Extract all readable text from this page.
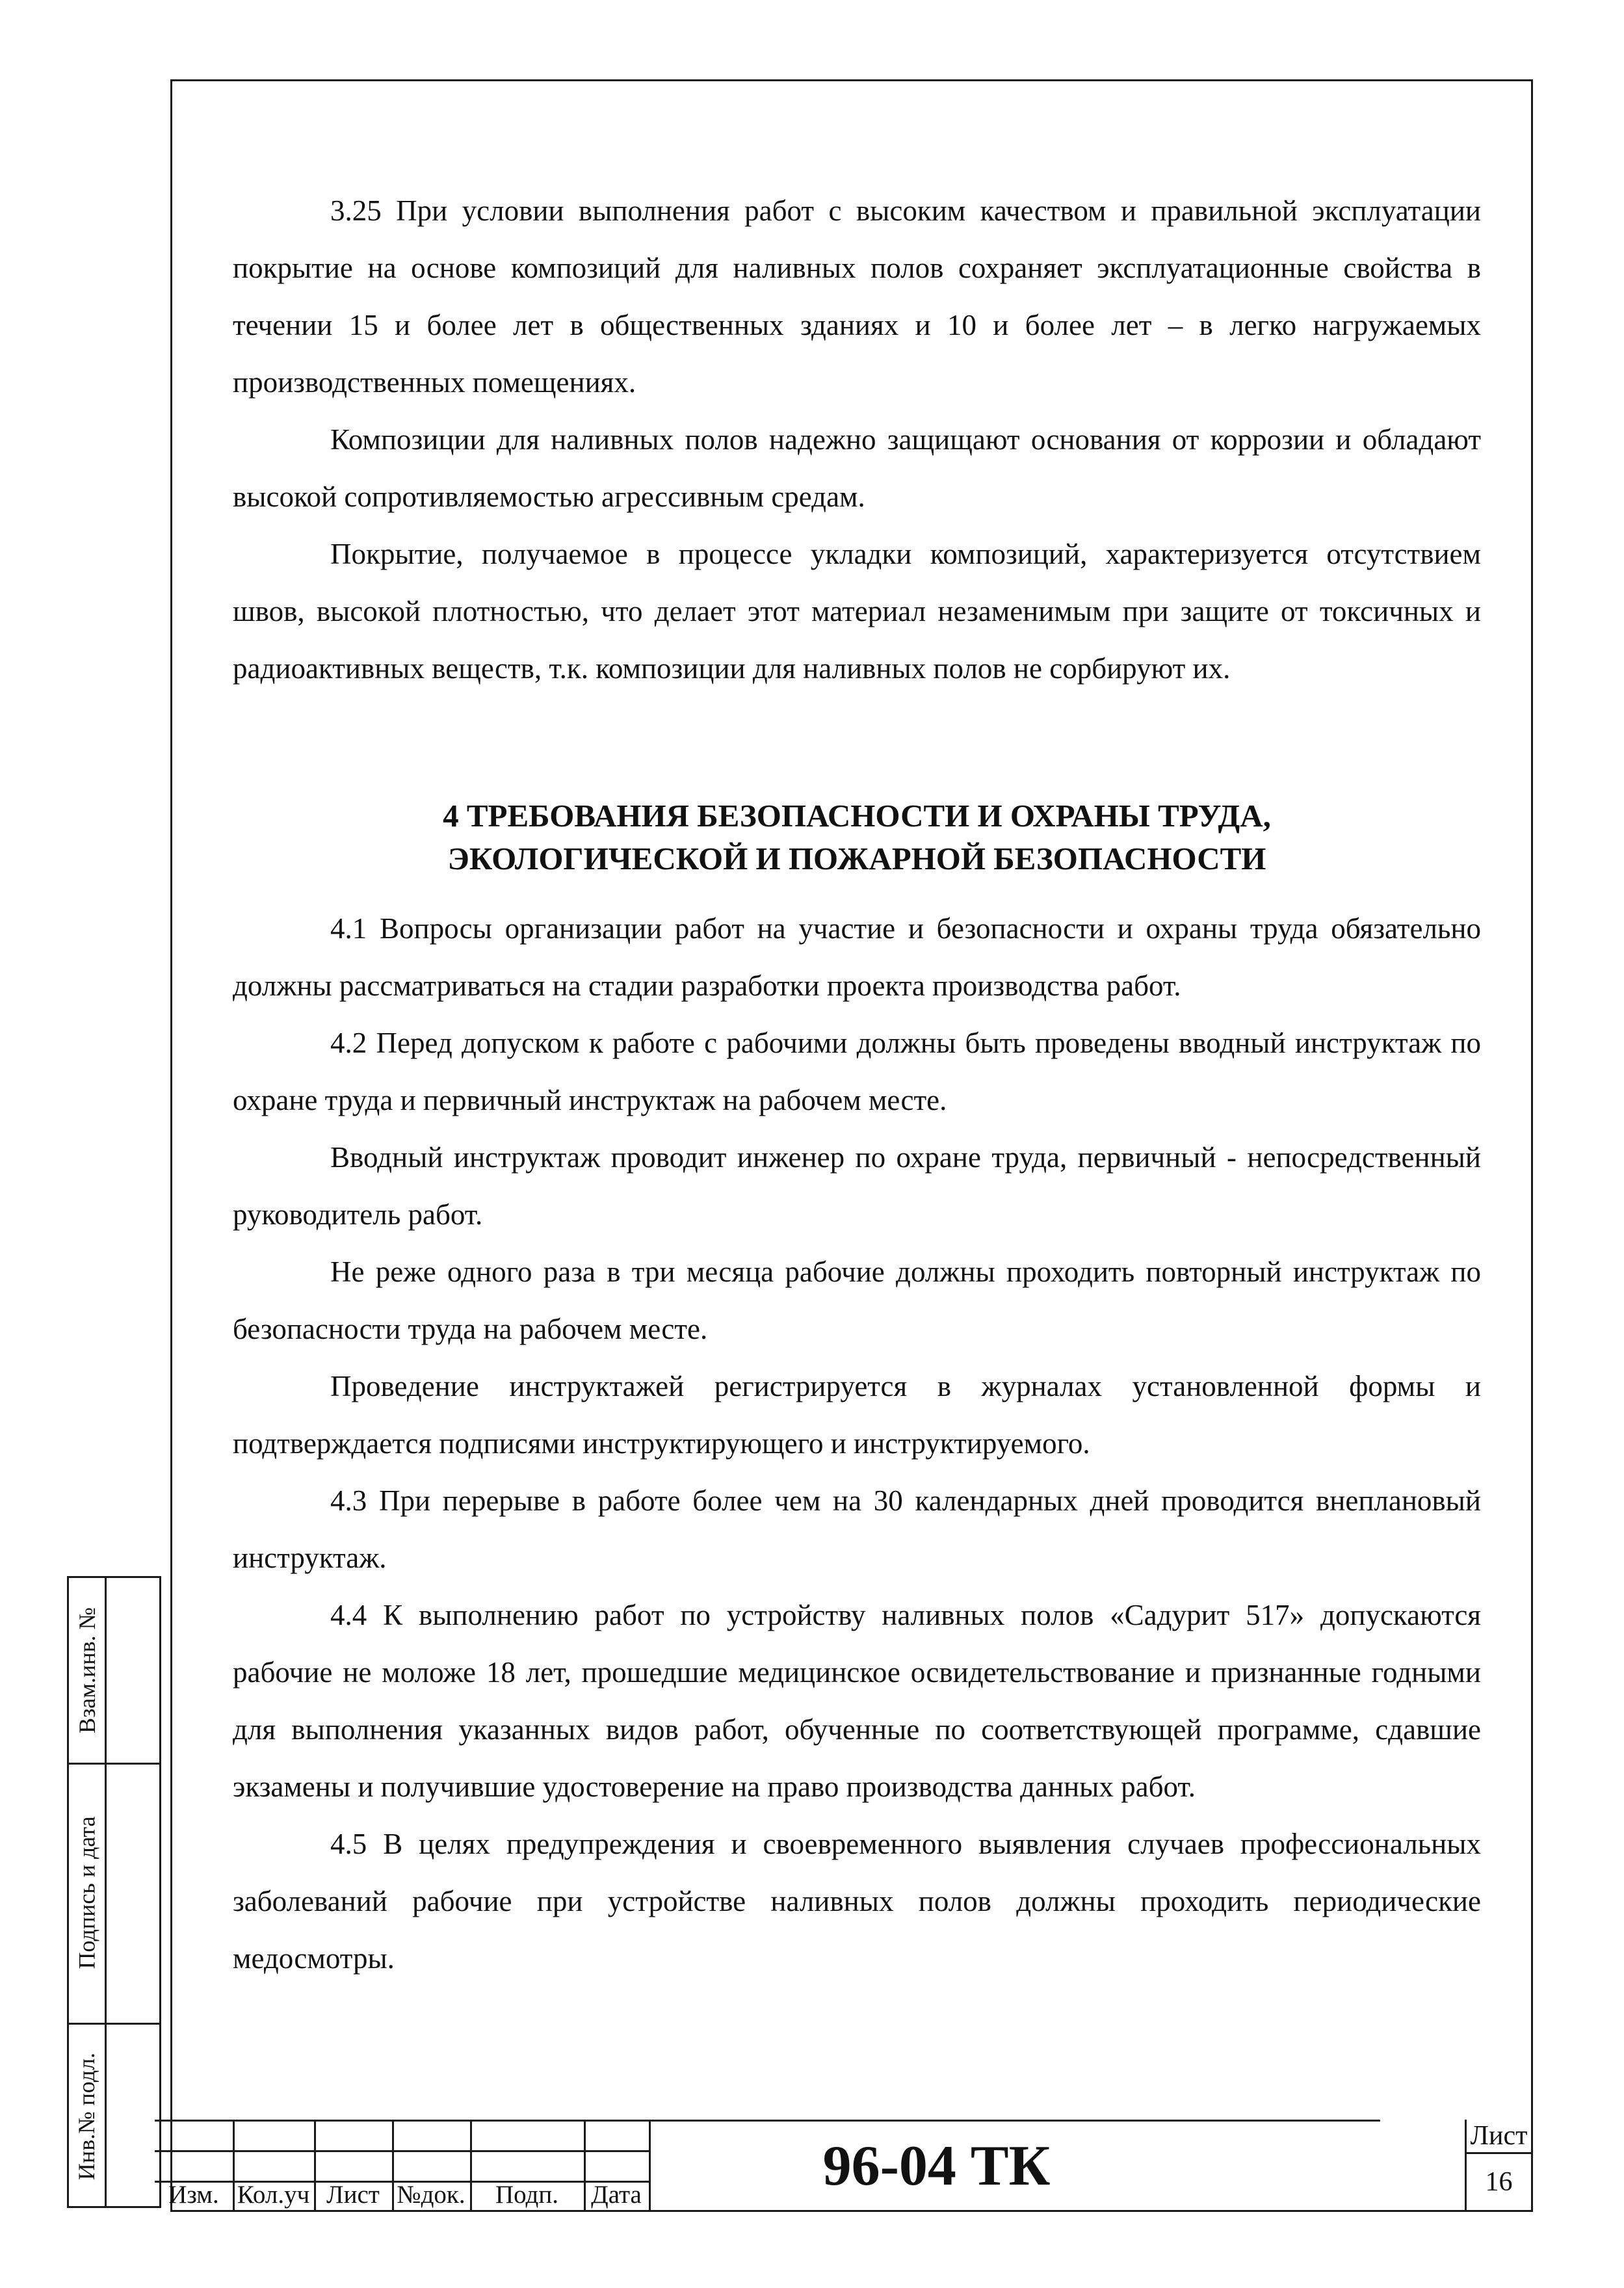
Взам.инв. №
Подпись и дата
Инв.№ подл.

3.25 При условии выполнения работ с высоким качеством и правильной эксплуатации покрытие на основе композиций для наливных полов сохраняет эксплуатационные свойства в течении 15 и более лет в общественных зданиях и 10 и более лет – в легко нагружаемых производственных помещениях.

Композиции для наливных полов надежно защищают основания от коррозии и обладают высокой сопротивляемостью агрессивным средам.

Покрытие, получаемое в процессе укладки композиций, характеризуется отсутствием швов, высокой плотностью, что делает этот материал незаменимым при защите от токсичных и радиоактивных веществ, т.к. композиции для наливных полов не сорбируют их.

4 ТРЕБОВАНИЯ БЕЗОПАСНОСТИ И ОХРАНЫ ТРУДА,
ЭКОЛОГИЧЕСКОЙ И ПОЖАРНОЙ БЕЗОПАСНОСТИ

4.1 Вопросы организации работ на участие и безопасности и охраны труда обязательно должны рассматриваться на стадии разработки проекта производства работ.

4.2 Перед допуском к работе с рабочими должны быть проведены вводный инструктаж по охране труда и первичный инструктаж на рабочем месте.

Вводный инструктаж проводит инженер по охране труда, первичный - непосредственный руководитель работ.

Не реже одного раза в три месяца рабочие должны проходить повторный инструктаж по безопасности труда на рабочем месте.

Проведение инструктажей регистрируется в журналах установленной формы и подтверждается подписями инструктирующего и инструктируемого.

4.3 При перерыве в работе более чем на 30 календарных дней проводится внеплановый инструктаж.

4.4 К выполнению работ по устройству наливных полов «Садурит 517» допускаются рабочие не моложе 18 лет, прошедшие медицинское освидетельствование и признанные годными для выполнения указанных видов работ, обученные по соответствующей программе, сдавшие экзамены и получившие удостоверение на право производства данных работ.

4.5 В целях предупреждения и своевременного выявления случаев профессиональных заболеваний рабочие при устройстве наливных полов должны проходить периодические медосмотры.

Изм. Кол.уч Лист №док.	Подп.	Дата	96-04 ТК	Лист
16
